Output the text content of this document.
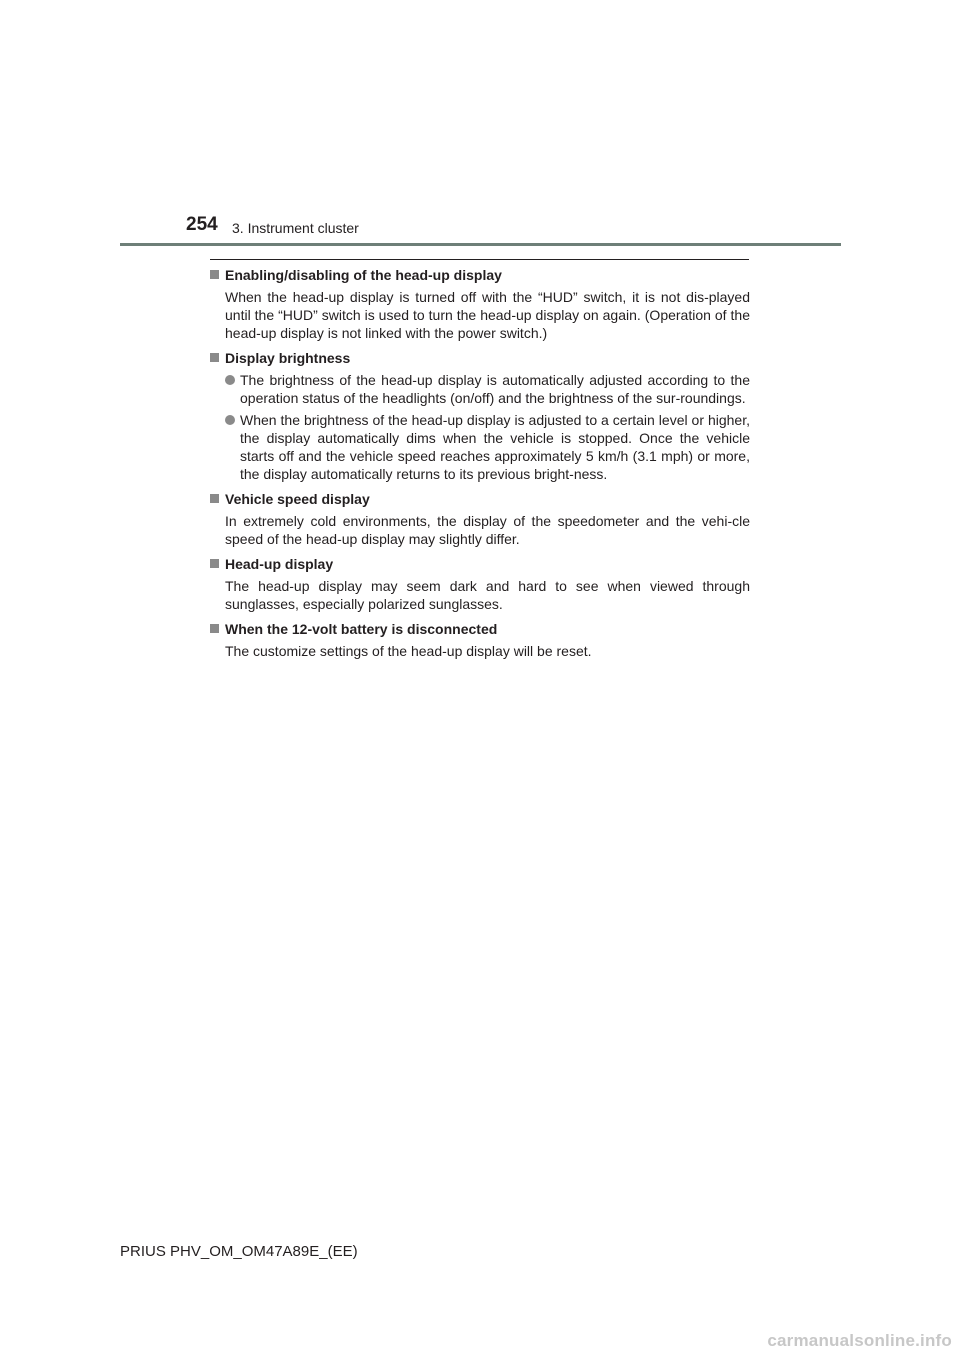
254 3. Instrument cluster
Enabling/disabling of the head-up display
When the head-up display is turned off with the “HUD” switch, it is not dis-played until the “HUD” switch is used to turn the head-up display on again. (Operation of the head-up display is not linked with the power switch.)
Display brightness
The brightness of the head-up display is automatically adjusted according to the operation status of the headlights (on/off) and the brightness of the sur-roundings.
When the brightness of the head-up display is adjusted to a certain level or higher, the display automatically dims when the vehicle is stopped. Once the vehicle starts off and the vehicle speed reaches approximately 5 km/h (3.1 mph) or more, the display automatically returns to its previous bright-ness.
Vehicle speed display
In extremely cold environments, the display of the speedometer and the vehi-cle speed of the head-up display may slightly differ.
Head-up display
The head-up display may seem dark and hard to see when viewed through sunglasses, especially polarized sunglasses.
When the 12-volt battery is disconnected
The customize settings of the head-up display will be reset.
PRIUS PHV_OM_OM47A89E_(EE)
carmanualsonline.info
